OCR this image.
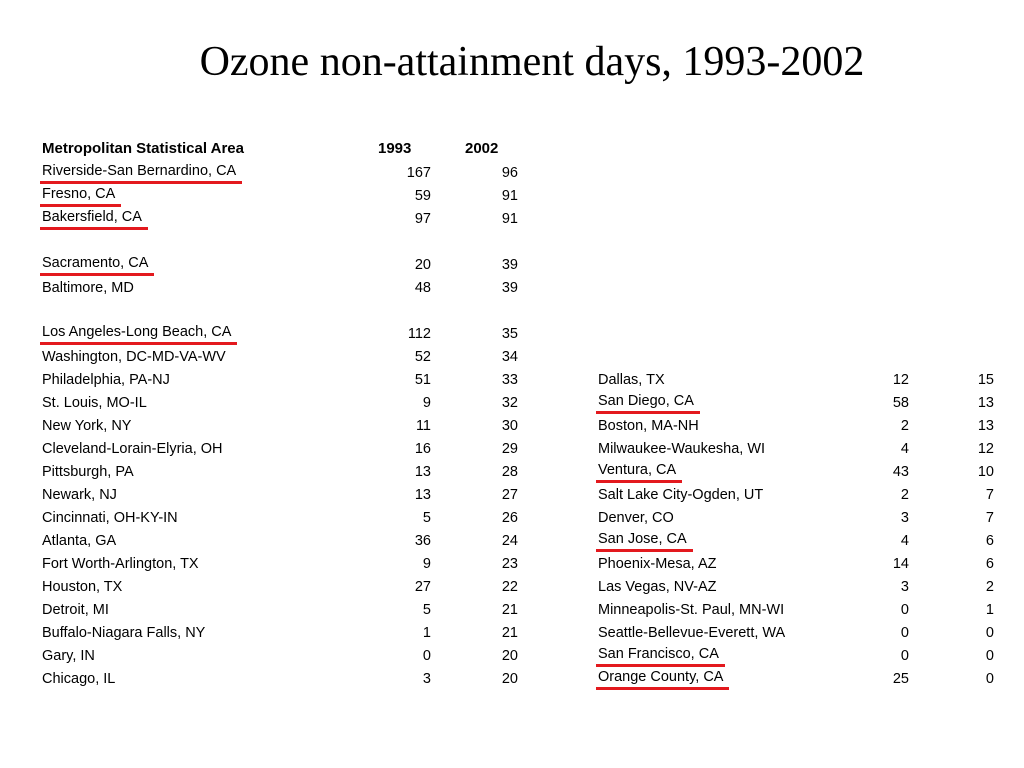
Ozone non-attainment days, 1993-2002
Metropolitan Statistical Area	1993	2002
Riverside-San Bernardino, CA	167	96
Fresno, CA	59	91
Bakersfield, CA	97	91
Sacramento, CA	20	39
Baltimore, MD	48	39
Los Angeles-Long Beach, CA	112	35
Washington, DC-MD-VA-WV	52	34
Philadelphia, PA-NJ	51	33
St. Louis, MO-IL	9	32
New York, NY	11	30
Cleveland-Lorain-Elyria, OH	16	29
Pittsburgh, PA	13	28
Newark, NJ	13	27
Cincinnati, OH-KY-IN	5	26
Atlanta, GA	36	24
Fort Worth-Arlington, TX	9	23
Houston, TX	27	22
Detroit, MI	5	21
Buffalo-Niagara Falls, NY	1	21
Gary, IN	0	20
Chicago, IL	3	20
Dallas, TX	12	15
San Diego, CA	58	13
Boston, MA-NH	2	13
Milwaukee-Waukesha, WI	4	12
Ventura, CA	43	10
Salt Lake City-Ogden, UT	2	7
Denver, CO	3	7
San Jose, CA	4	6
Phoenix-Mesa, AZ	14	6
Las Vegas, NV-AZ	3	2
Minneapolis-St. Paul, MN-WI	0	1
Seattle-Bellevue-Everett, WA	0	0
San Francisco, CA	0	0
Orange County, CA	25	0
